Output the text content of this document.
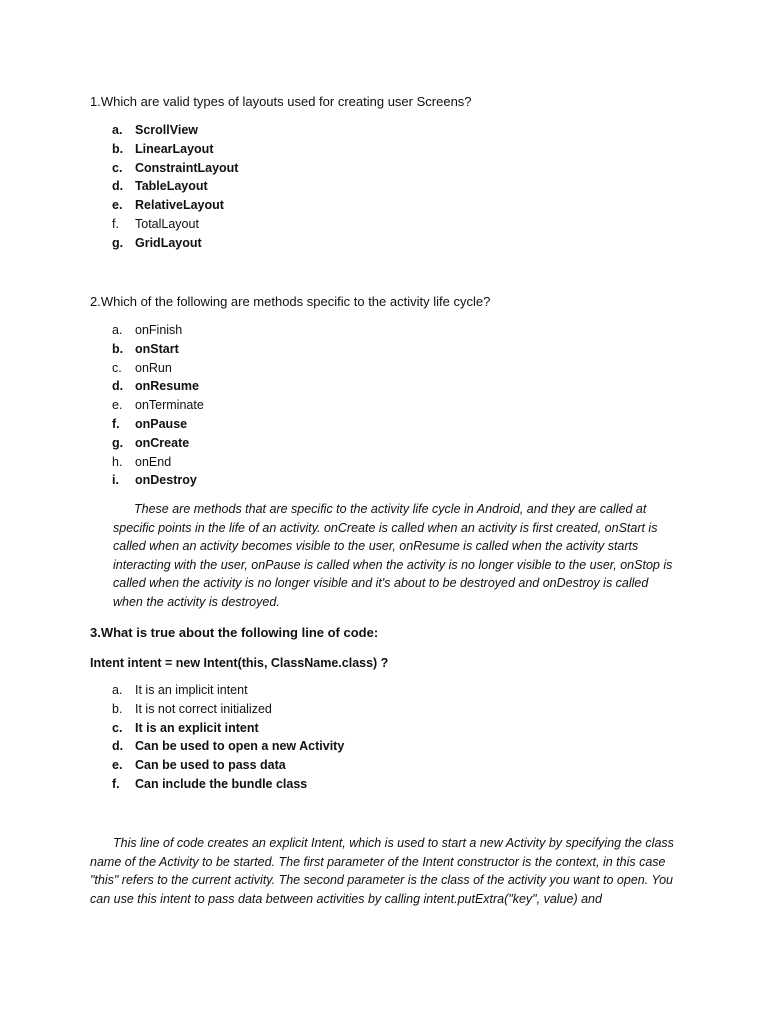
1.Which are valid types of layouts used for creating user Screens?

a. ScrollView
b. LinearLayout
c. ConstraintLayout
d. TableLayout
e. RelativeLayout
f. TotalLayout
g. GridLayout

2.Which of the following are methods specific to the activity life cycle?

a. onFinish
b. onStart
c. onRun
d. onResume
e. onTerminate
f. onPause
g. onCreate
h. onEnd
i. onDestroy

These are methods that are specific to the activity life cycle in Android, and they are called at specific points in the life of an activity. onCreate is called when an activity is first created, onStart is called when an activity becomes visible to the user, onResume is called when the activity starts interacting with the user, onPause is called when the activity is no longer visible to the user, onStop is called when the activity is no longer visible and it's about to be destroyed and onDestroy is called when the activity is destroyed.

3.What is true about the following line of code:

Intent intent = new Intent(this, ClassName.class) ?
a. It is an implicit intent
b. It is not correct initialized
c. It is an explicit intent
d. Can be used to open a new Activity
e. Can be used to pass data
f. Can include the bundle class

This line of code creates an explicit Intent, which is used to start a new Activity by specifying the class name of the Activity to be started. The first parameter of the Intent constructor is the context, in this case "this" refers to the current activity. The second parameter is the class of the activity you want to open. You can use this intent to pass data between activities by calling intent.putExtra("key", value) and
